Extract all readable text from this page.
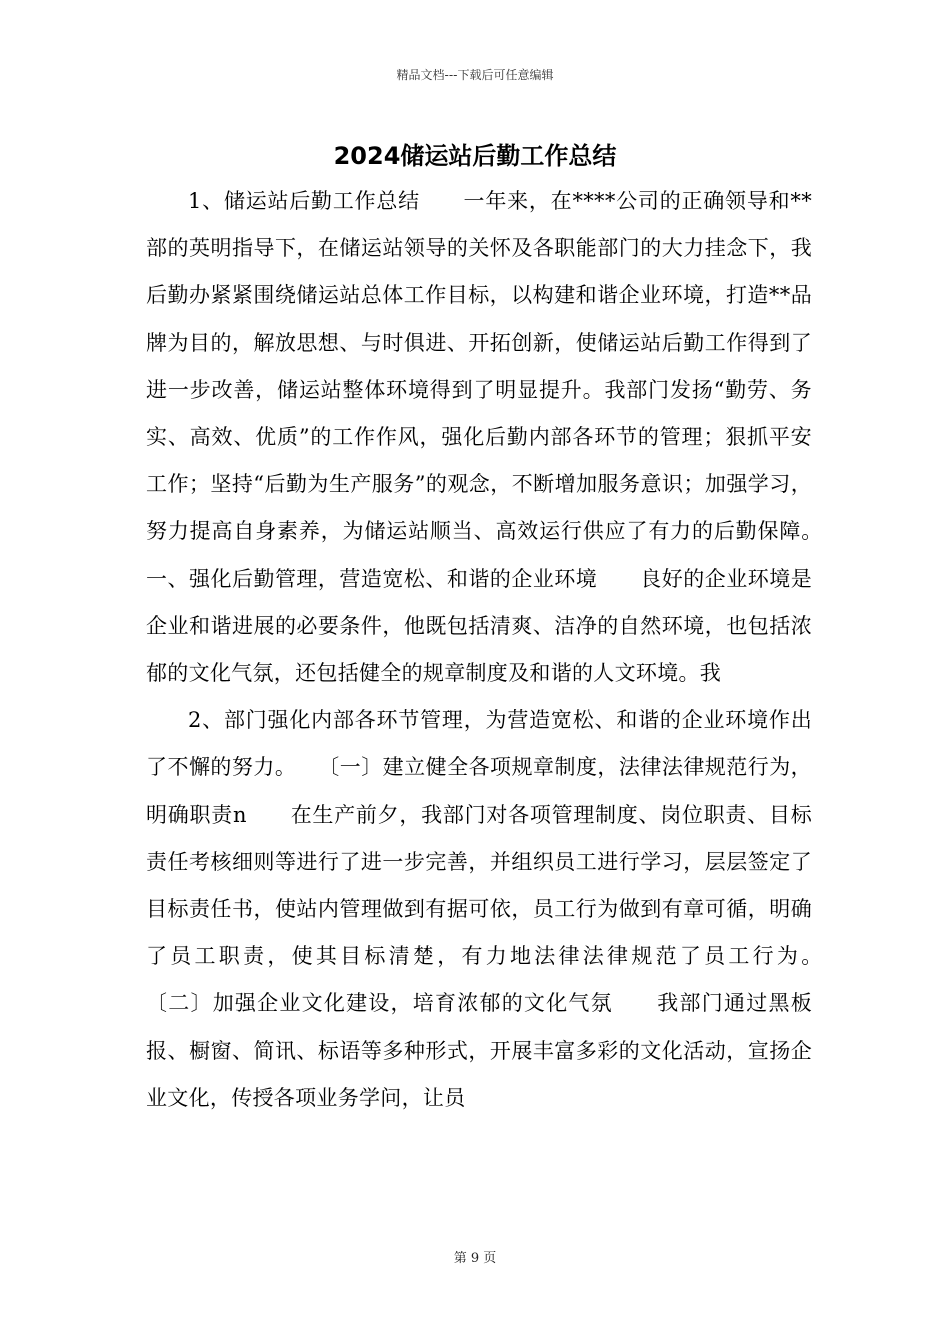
精品文档---下载后可任意编辑
2024储运站后勤工作总结

1、储运站后勤工作总结　　一年来，在****公司的正确领导和**部的英明指导下，在储运站领导的关怀及各职能部门的大力挂念下，我后勤办紧紧围绕储运站总体工作目标，以构建和谐企业环境，打造**品牌为目的，解放思想、与时俱进、开拓创新，使储运站后勤工作得到了进一步改善，储运站整体环境得到了明显提升。我部门发扬“勤劳、务实、高效、优质”的工作作风，强化后勤内部各环节的管理；狠抓平安工作；坚持“后勤为生产服务”的观念，不断增加服务意识；加强学习，努力提高自身素养，为储运站顺当、高效运行供应了有力的后勤保障。　　一、强化后勤管理，营造宽松、和谐的企业环境　　良好的企业环境是企业和谐进展的必要条件，他既包括清爽、洁净的自然环境，也包括浓郁的文化气氛，还包括健全的规章制度及和谐的人文环境。我

2、部门强化内部各环节管理，为营造宽松、和谐的企业环境作出了不懈的努力。　　〔一〕建立健全各项规章制度，法律法律规范行为，明确职责n　　在生产前夕，我部门对各项管理制度、岗位职责、目标责任考核细则等进行了进一步完善，并组织员工进行学习，层层签定了目标责任书，使站内管理做到有据可依，员工行为做到有章可循，明确了员工职责，使其目标清楚，有力地法律法律规范了员工行为。　　〔二〕加强企业文化建设，培育浓郁的文化气氛　　我部门通过黑板报、橱窗、简讯、标语等多种形式，开展丰富多彩的文化活动，宣扬企业文化，传授各项业务学问，让员

第 9 页
